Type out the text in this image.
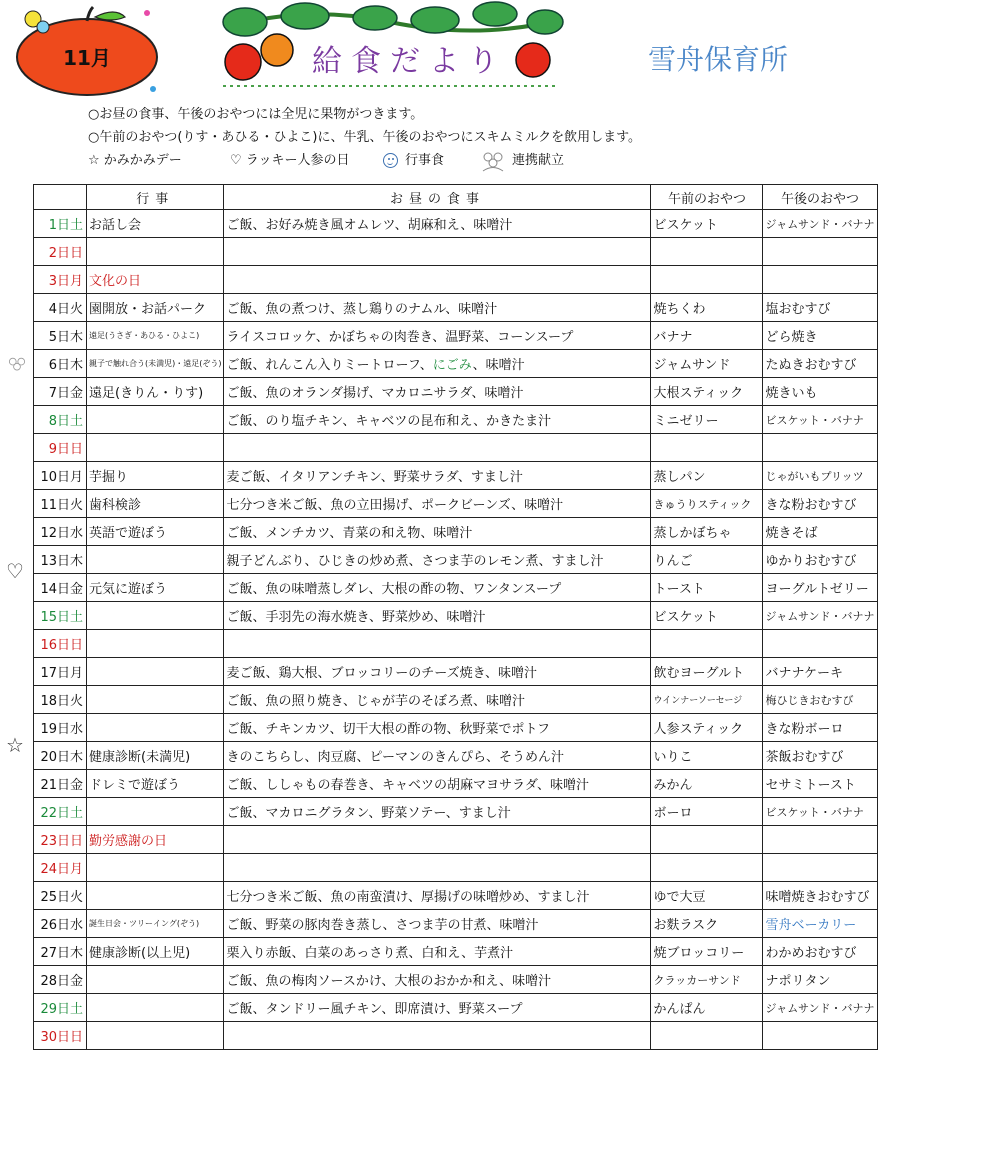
11月	給食だより	雪舟保育所
○お昼の食事、午後のおやつには全児に果物がつきます。
○午前のおやつ(りす・あひる・ひよこ)に、牛乳、午後のおやつにスキムミルクを飲用します。
☆ かみかみデー	♡ ラッキー人参の日	行事食	連携献立
♡
☆
	行事	お昼の食事	午前のおやつ	午後のおやつ
1日土	お話し会	ご飯、お好み焼き風オムレツ、胡麻和え、味噌汁	ビスケット	ジャムサンド・バナナ
2日日				
3日月	文化の日			
4日火	園開放・お話パーク	ご飯、魚の煮つけ、蒸し鶏りのナムル、味噌汁	焼ちくわ	塩おむすび
5日木	遠足(うさぎ・あひる・ひよこ)	ライスコロッケ、かぼちゃの肉巻き、温野菜、コーンスープ	バナナ	どら焼き
6日木	親子で触れ合う(未満児)・遠足(ぞう)	ご飯、れんこん入りミートローフ、にごみ、味噌汁	ジャムサンド	たぬきおむすび
7日金	遠足(きりん・りす)	ご飯、魚のオランダ揚げ、マカロニサラダ、味噌汁	大根スティック	焼きいも
8日土		ご飯、のり塩チキン、キャベツの昆布和え、かきたま汁	ミニゼリー	ビスケット・バナナ
9日日				
10日月	芋掘り	麦ご飯、イタリアンチキン、野菜サラダ、すまし汁	蒸しパン	じゃがいもプリッツ
11日火	歯科検診	七分つき米ご飯、魚の立田揚げ、ポークビーンズ、味噌汁	きゅうりスティック	きな粉おむすび
12日水	英語で遊ぼう	ご飯、メンチカツ、青菜の和え物、味噌汁	蒸しかぼちゃ	焼きそば
13日木		親子どんぶり、ひじきの炒め煮、さつま芋のレモン煮、すまし汁	りんご	ゆかりおむすび
14日金	元気に遊ぼう	ご飯、魚の味噌蒸しダレ、大根の酢の物、ワンタンスープ	トースト	ヨーグルトゼリー
15日土		ご飯、手羽先の海水焼き、野菜炒め、味噌汁	ビスケット	ジャムサンド・バナナ
16日日				
17日月		麦ご飯、鶏大根、ブロッコリーのチーズ焼き、味噌汁	飲むヨーグルト	バナナケーキ
18日火		ご飯、魚の照り焼き、じゃが芋のそぼろ煮、味噌汁	ウインナーソーセージ	梅ひじきおむすび
19日水		ご飯、チキンカツ、切干大根の酢の物、秋野菜でポトフ	人参スティック	きな粉ボーロ
20日木	健康診断(未満児)	きのこちらし、肉豆腐、ピーマンのきんぴら、そうめん汁	いりこ	茶飯おむすび
21日金	ドレミで遊ぼう	ご飯、ししゃもの春巻き、キャベツの胡麻マヨサラダ、味噌汁	みかん	セサミトースト
22日土		ご飯、マカロニグラタン、野菜ソテー、すまし汁	ボーロ	ビスケット・バナナ
23日日	勤労感謝の日			
24日月				
25日火		七分つき米ご飯、魚の南蛮漬け、厚揚げの味噌炒め、すまし汁	ゆで大豆	味噌焼きおむすび
26日水	誕生日会・ツリーイング(ぞう)	ご飯、野菜の豚肉巻き蒸し、さつま芋の甘煮、味噌汁	お麩ラスク	雪舟ベーカリー
27日木	健康診断(以上児)	栗入り赤飯、白菜のあっさり煮、白和え、芋煮汁	焼ブロッコリー	わかめおむすび
28日金		ご飯、魚の梅肉ソースかけ、大根のおかか和え、味噌汁	クラッカーサンド	ナポリタン
29日土		ご飯、タンドリー風チキン、即席漬け、野菜スープ	かんぱん	ジャムサンド・バナナ
30日日				
